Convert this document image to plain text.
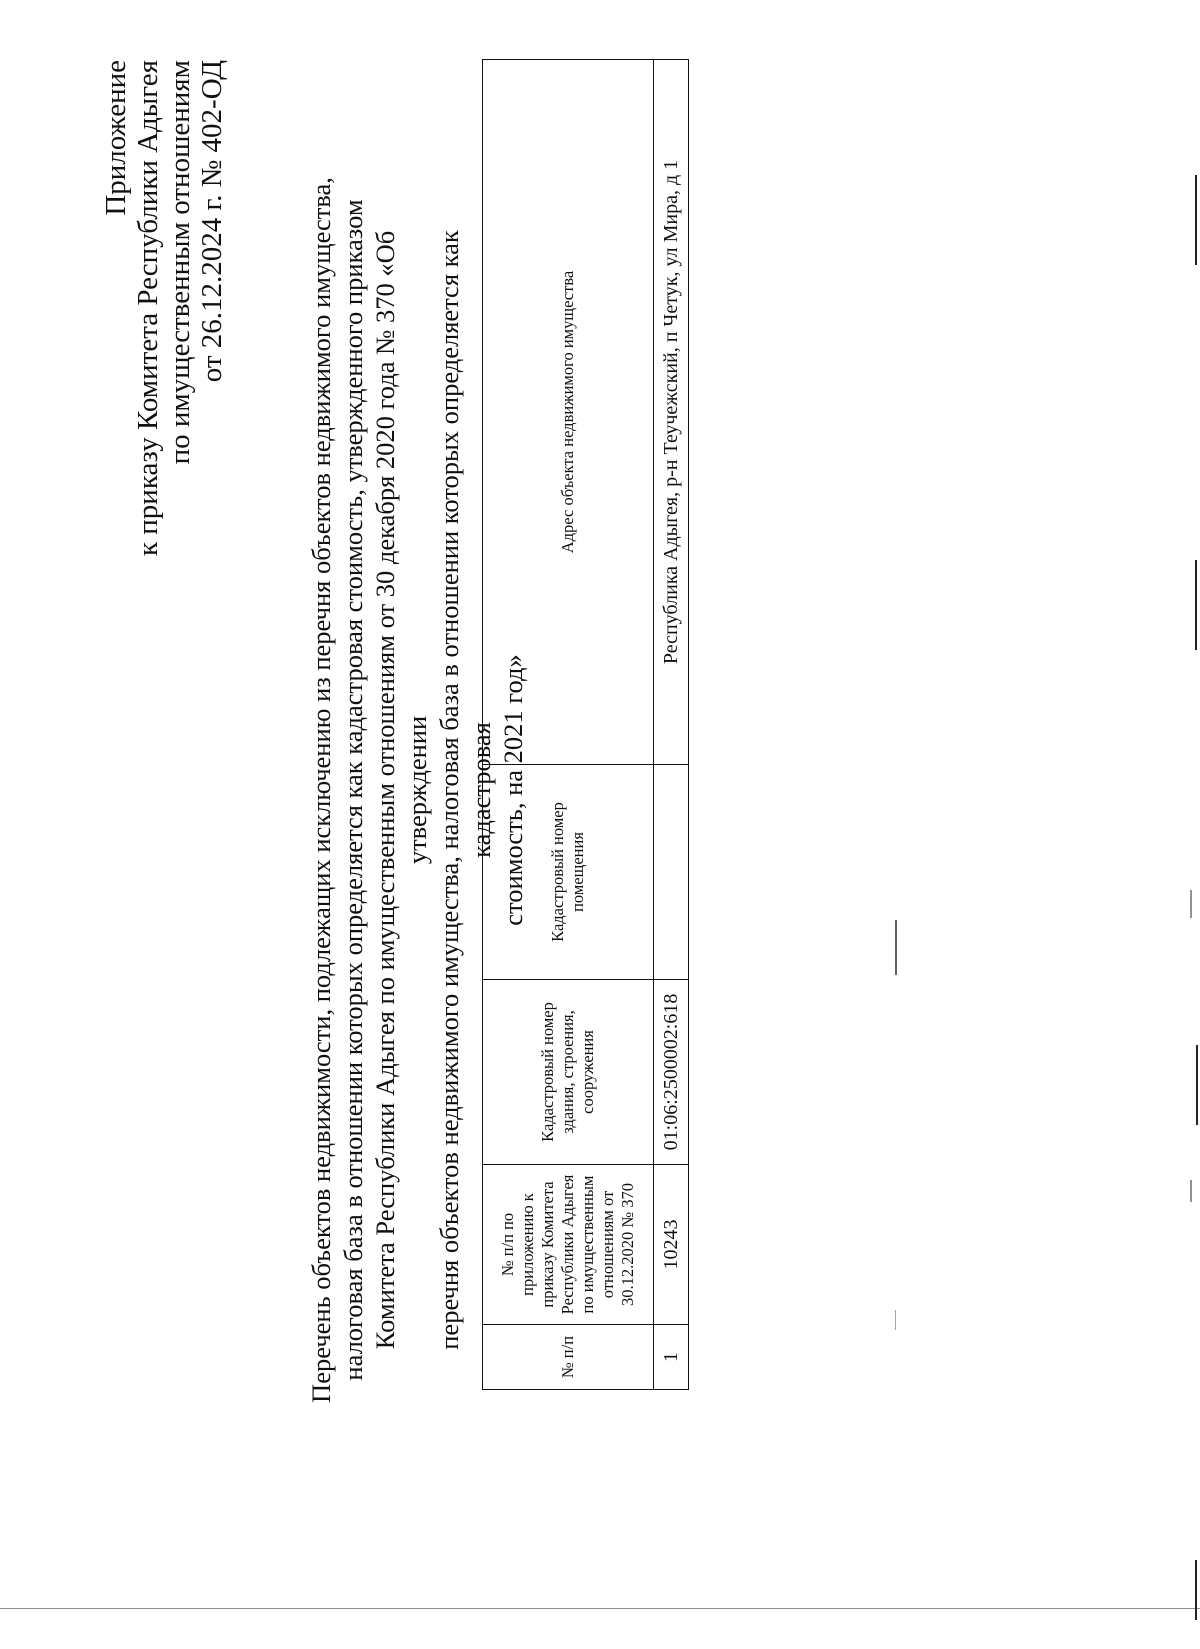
Приложение к приказу Комитета Республики Адыгея по имущественным отношениям от 26.12.2024 г. № 402-ОД	Перечень объектов недвижимости, подлежащих исключению из перечня объектов недвижимого имущества, налоговая база в отношении которых определяется как кадастровая стоимость, утвержденного приказом Комитета Республики Адыгея по имущественным отношениям от 30 декабря 2020 года № 370 «Об утверждении перечня объектов недвижимого имущества, налоговая база в отношении которых определяется как кадастровая стоимость, на 2021 год»
№ п/п	№ п/п по приложению к приказу Комитета Республики Адыгея по имущественным отношениям от 30.12.2020 № 370	Кадастровый номер здания, строения, сооружения	Кадастровый номер помещения	Адрес объекта недвижимого имущества
1	10243	01:06:2500002:618		Республика Адыгея, р-н Теучежский, п Четук, ул Мира, д 1
